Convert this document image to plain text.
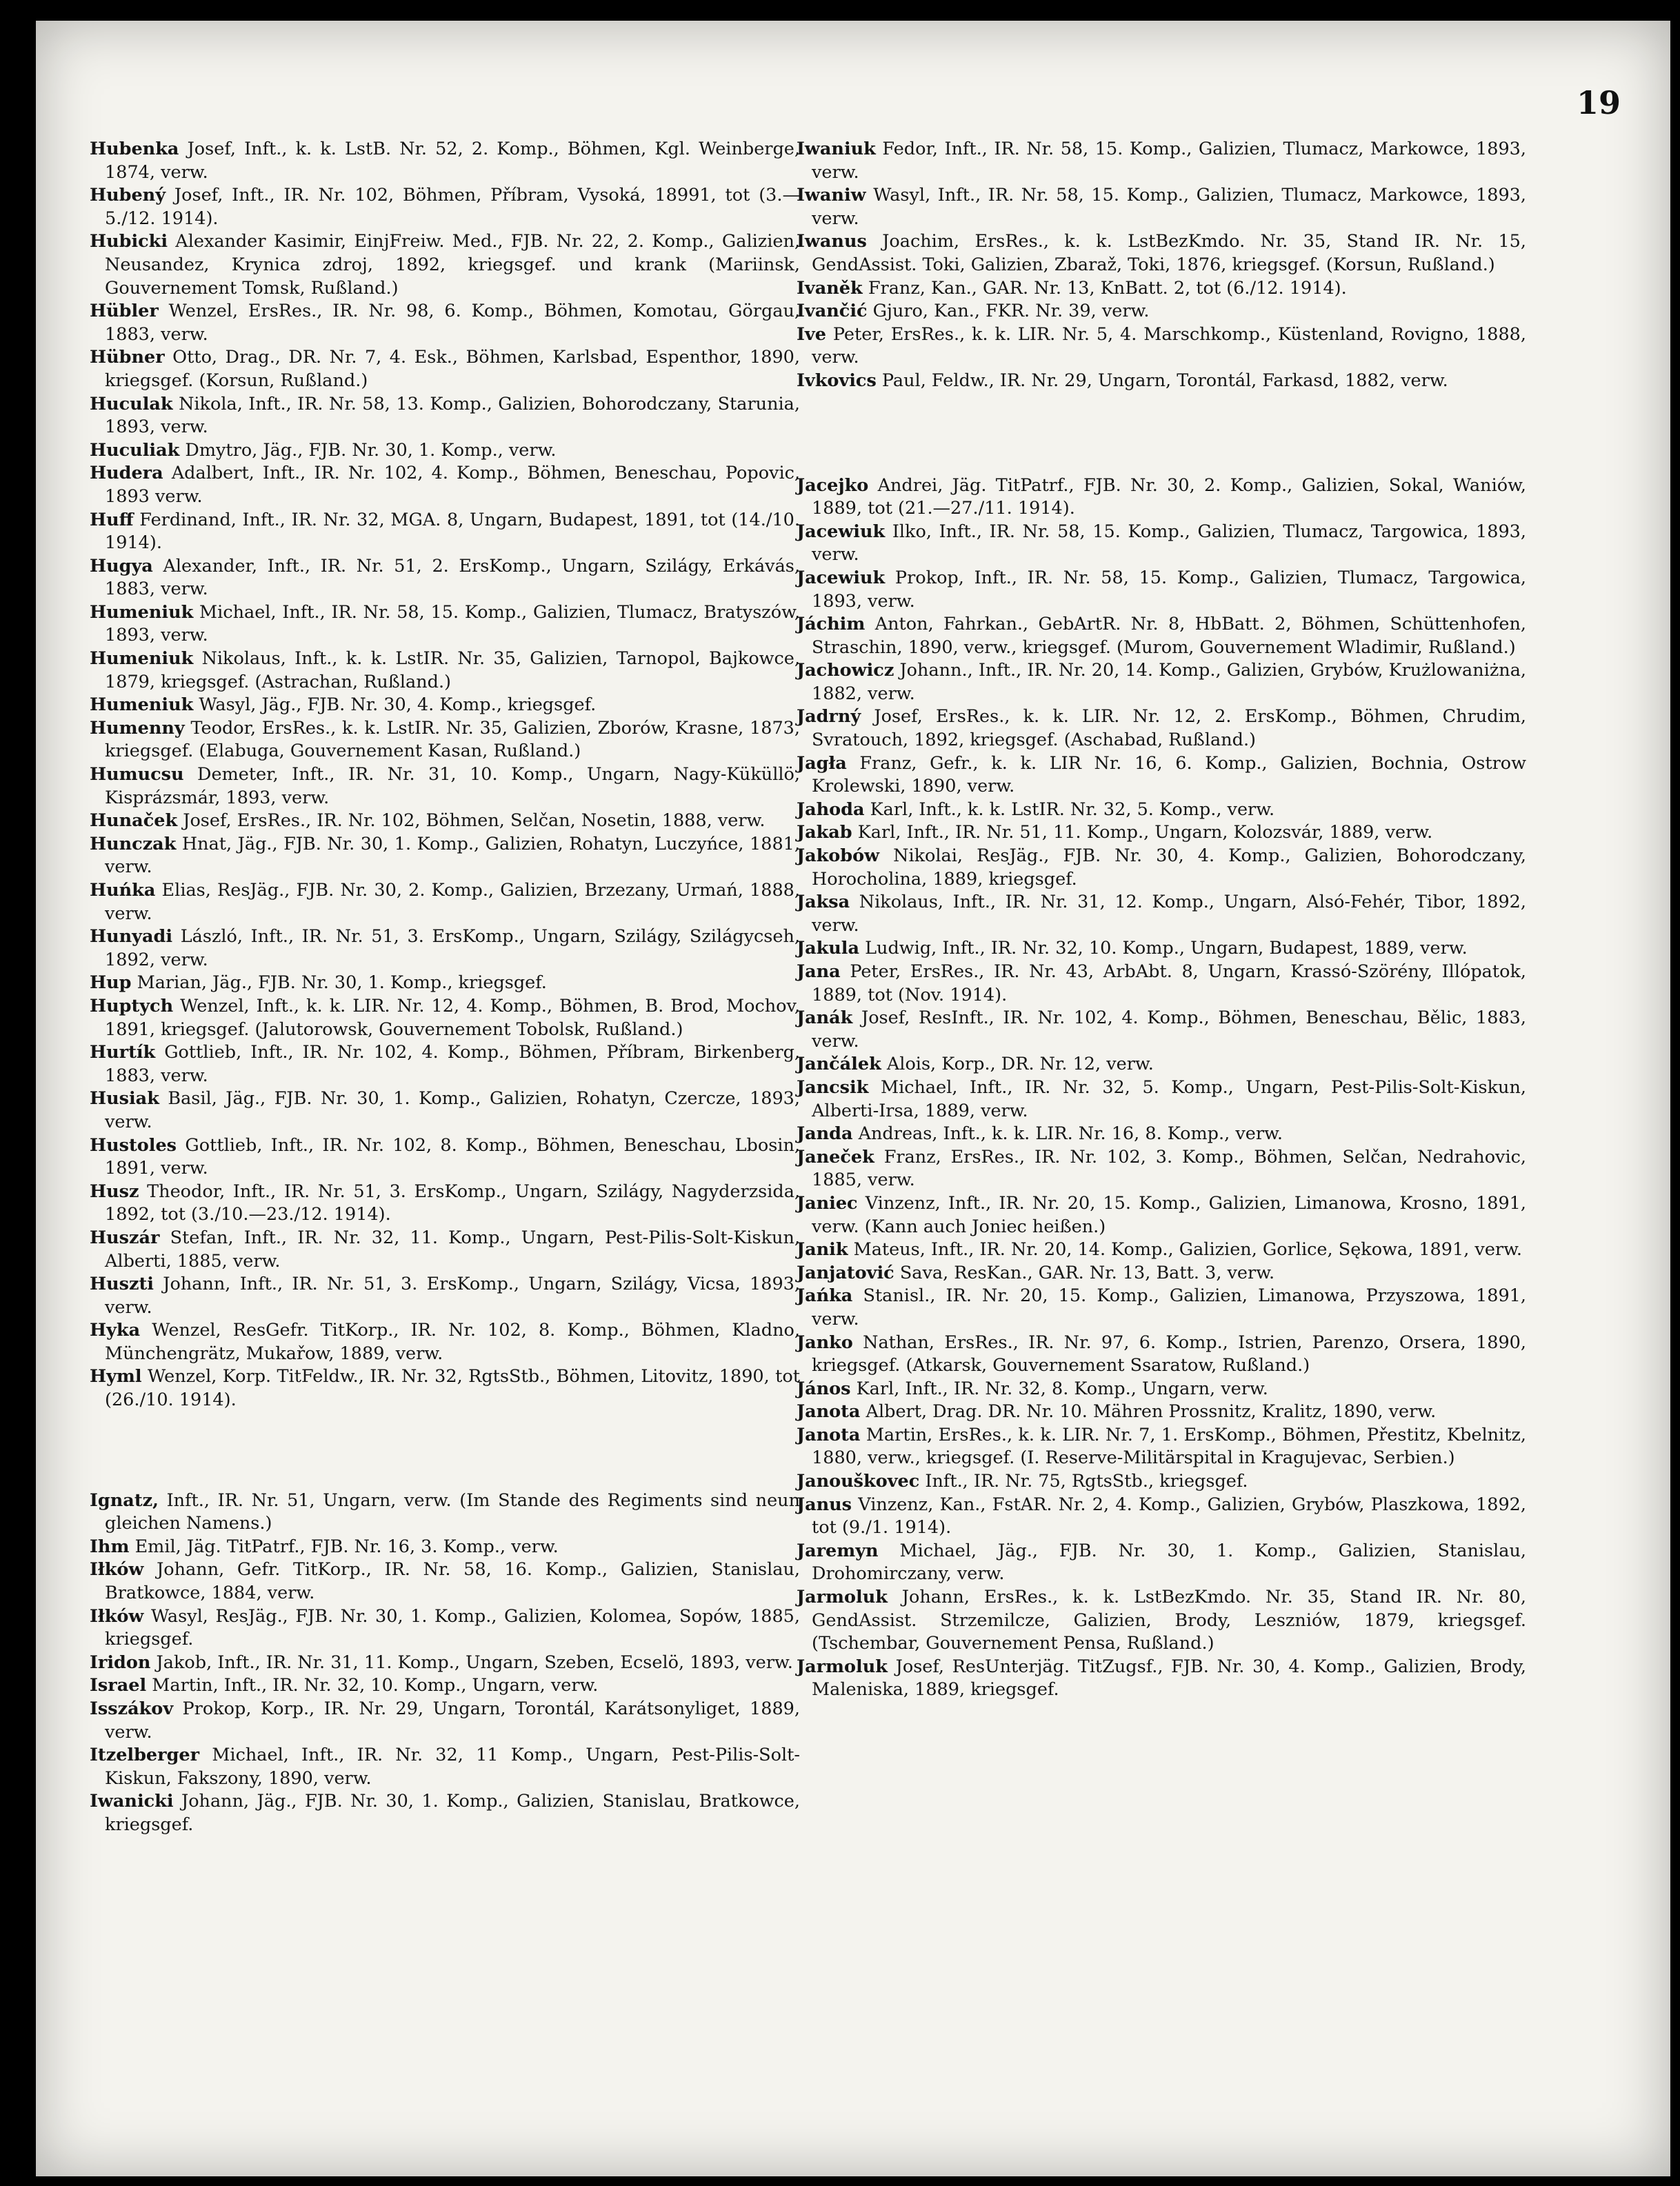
19

Hubenka Josef, Inft., k. k. LstB. Nr. 52, 2. Komp., Böhmen, Kgl. Weinberge, 1874, verw.

Hubený Josef, Inft., IR. Nr. 102, Böhmen, Příbram, Vysoká, 18991, tot (3.—5./12. 1914).

Hubicki Alexander Kasimir, EinjFreiw. Med., FJB. Nr. 22, 2. Komp., Galizien, Neusandez, Krynica zdroj, 1892, kriegsgef. und krank (Mariinsk, Gouvernement Tomsk, Rußland.)

Hübler Wenzel, ErsRes., IR. Nr. 98, 6. Komp., Böhmen, Komotau, Görgau, 1883, verw.

Hübner Otto, Drag., DR. Nr. 7, 4. Esk., Böhmen, Karlsbad, Espenthor, 1890, kriegsgef. (Korsun, Rußland.)

Huculak Nikola, Inft., IR. Nr. 58, 13. Komp., Galizien, Bohorodczany, Starunia, 1893, verw.

Huculiak Dmytro, Jäg., FJB. Nr. 30, 1. Komp., verw.

Hudera Adalbert, Inft., IR. Nr. 102, 4. Komp., Böhmen, Beneschau, Popovic, 1893 verw.

Huff Ferdinand, Inft., IR. Nr. 32, MGA. 8, Ungarn, Budapest, 1891, tot (14./10. 1914).

Hugya Alexander, Inft., IR. Nr. 51, 2. ErsKomp., Ungarn, Szilágy, Erkávás, 1883, verw.

Humeniuk Michael, Inft., IR. Nr. 58, 15. Komp., Galizien, Tlumacz, Bratyszów, 1893, verw.

Humeniuk Nikolaus, Inft., k. k. LstIR. Nr. 35, Galizien, Tarnopol, Bajkowce, 1879, kriegsgef. (Astrachan, Rußland.)

Humeniuk Wasyl, Jäg., FJB. Nr. 30, 4. Komp., kriegsgef.

Humenny Teodor, ErsRes., k. k. LstIR. Nr. 35, Galizien, Zborów, Krasne, 1873, kriegsgef. (Elabuga, Gouvernement Kasan, Rußland.)

Humucsu Demeter, Inft., IR. Nr. 31, 10. Komp., Ungarn, Nagy-Küküllö, Kisprázsmár, 1893, verw.

Hunaček Josef, ErsRes., IR. Nr. 102, Böhmen, Selčan, Nosetin, 1888, verw.

Hunczak Hnat, Jäg., FJB. Nr. 30, 1. Komp., Galizien, Rohatyn, Luczyńce, 1881, verw.

Huńka Elias, ResJäg., FJB. Nr. 30, 2. Komp., Galizien, Brzezany, Urmań, 1888, verw.

Hunyadi László, Inft., IR. Nr. 51, 3. ErsKomp., Ungarn, Szilágy, Szilágycseh, 1892, verw.

Hup Marian, Jäg., FJB. Nr. 30, 1. Komp., kriegsgef.

Huptych Wenzel, Inft., k. k. LIR. Nr. 12, 4. Komp., Böhmen, B. Brod, Mochov, 1891, kriegsgef. (Jalutorowsk, Gouvernement Tobolsk, Rußland.)

Hurtík Gottlieb, Inft., IR. Nr. 102, 4. Komp., Böhmen, Příbram, Birkenberg, 1883, verw.

Husiak Basil, Jäg., FJB. Nr. 30, 1. Komp., Galizien, Rohatyn, Czercze, 1893, verw.

Hustoles Gottlieb, Inft., IR. Nr. 102, 8. Komp., Böhmen, Beneschau, Lbosin, 1891, verw.

Husz Theodor, Inft., IR. Nr. 51, 3. ErsKomp., Ungarn, Szilágy, Nagyderzsida, 1892, tot (3./10.—23./12. 1914).

Huszár Stefan, Inft., IR. Nr. 32, 11. Komp., Ungarn, Pest-Pilis-Solt-Kiskun, Alberti, 1885, verw.

Huszti Johann, Inft., IR. Nr. 51, 3. ErsKomp., Ungarn, Szilágy, Vicsa, 1893, verw.

Hyka Wenzel, ResGefr. TitKorp., IR. Nr. 102, 8. Komp., Böhmen, Kladno, Münchengrätz, Mukařow, 1889, verw.

Hyml Wenzel, Korp. TitFeldw., IR. Nr. 32, RgtsStb., Böhmen, Litovitz, 1890, tot (26./10. 1914).

Ignatz, Inft., IR. Nr. 51, Ungarn, verw. (Im Stande des Regiments sind neun gleichen Namens.)

Ihm Emil, Jäg. TitPatrf., FJB. Nr. 16, 3. Komp., verw.

Iłków Johann, Gefr. TitKorp., IR. Nr. 58, 16. Komp., Galizien, Stanislau, Bratkowce, 1884, verw.

Iłków Wasyl, ResJäg., FJB. Nr. 30, 1. Komp., Galizien, Kolomea, Sopów, 1885, kriegsgef.

Iridon Jakob, Inft., IR. Nr. 31, 11. Komp., Ungarn, Szeben, Ecselö, 1893, verw.

Israel Martin, Inft., IR. Nr. 32, 10. Komp., Ungarn, verw.

Isszákov Prokop, Korp., IR. Nr. 29, Ungarn, Torontál, Karátsonyliget, 1889, verw.

Itzelberger Michael, Inft., IR. Nr. 32, 11 Komp., Ungarn, Pest-Pilis-Solt-Kiskun, Fakszony, 1890, verw.

Iwanicki Johann, Jäg., FJB. Nr. 30, 1. Komp., Galizien, Stanislau, Bratkowce, kriegsgef.

Iwaniuk Fedor, Inft., IR. Nr. 58, 15. Komp., Galizien, Tlumacz, Markowce, 1893, verw.

Iwaniw Wasyl, Inft., IR. Nr. 58, 15. Komp., Galizien, Tlumacz, Markowce, 1893, verw.

Iwanus Joachim, ErsRes., k. k. LstBezKmdo. Nr. 35, Stand IR. Nr. 15, GendAssist. Toki, Galizien, Zbaraž, Toki, 1876, kriegsgef. (Korsun, Rußland.)

Ivaněk Franz, Kan., GAR. Nr. 13, KnBatt. 2, tot (6./12. 1914).

Ivančić Gjuro, Kan., FKR. Nr. 39, verw.

Ive Peter, ErsRes., k. k. LIR. Nr. 5, 4. Marschkomp., Küstenland, Rovigno, 1888, verw.

Ivkovics Paul, Feldw., IR. Nr. 29, Ungarn, Torontál, Farkasd, 1882, verw.

Jacejko Andrei, Jäg. TitPatrf., FJB. Nr. 30, 2. Komp., Galizien, Sokal, Waniów, 1889, tot (21.—27./11. 1914).

Jacewiuk Ilko, Inft., IR. Nr. 58, 15. Komp., Galizien, Tlumacz, Targowica, 1893, verw.

Jacewiuk Prokop, Inft., IR. Nr. 58, 15. Komp., Galizien, Tlumacz, Targowica, 1893, verw.

Jáchim Anton, Fahrkan., GebArtR. Nr. 8, HbBatt. 2, Böhmen, Schüttenhofen, Straschin, 1890, verw., kriegsgef. (Murom, Gouvernement Wladimir, Rußland.)

Jachowicz Johann., Inft., IR. Nr. 20, 14. Komp., Galizien, Grybów, Krużlowaniżna, 1882, verw.

Jadrný Josef, ErsRes., k. k. LIR. Nr. 12, 2. ErsKomp., Böhmen, Chrudim, Svratouch, 1892, kriegsgef. (Aschabad, Rußland.)

Jagła Franz, Gefr., k. k. LIR Nr. 16, 6. Komp., Galizien, Bochnia, Ostrow Krolewski, 1890, verw.

Jahoda Karl, Inft., k. k. LstIR. Nr. 32, 5. Komp., verw.

Jakab Karl, Inft., IR. Nr. 51, 11. Komp., Ungarn, Kolozsvár, 1889, verw.

Jakobów Nikolai, ResJäg., FJB. Nr. 30, 4. Komp., Galizien, Bohorodczany, Horocholina, 1889, kriegsgef.

Jaksa Nikolaus, Inft., IR. Nr. 31, 12. Komp., Ungarn, Alsó-Fehér, Tibor, 1892, verw.

Jakula Ludwig, Inft., IR. Nr. 32, 10. Komp., Ungarn, Budapest, 1889, verw.

Jana Peter, ErsRes., IR. Nr. 43, ArbAbt. 8, Ungarn, Krassó-Szörény, Illópatok, 1889, tot (Nov. 1914).

Janák Josef, ResInft., IR. Nr. 102, 4. Komp., Böhmen, Beneschau, Bělic, 1883, verw.

Jančálek Alois, Korp., DR. Nr. 12, verw.

Jancsik Michael, Inft., IR. Nr. 32, 5. Komp., Ungarn, Pest-Pilis-Solt-Kiskun, Alberti-Irsa, 1889, verw.

Janda Andreas, Inft., k. k. LIR. Nr. 16, 8. Komp., verw.

Janeček Franz, ErsRes., IR. Nr. 102, 3. Komp., Böhmen, Selčan, Nedrahovic, 1885, verw.

Janiec Vinzenz, Inft., IR. Nr. 20, 15. Komp., Galizien, Limanowa, Krosno, 1891, verw. (Kann auch Joniec heißen.)

Janik Mateus, Inft., IR. Nr. 20, 14. Komp., Galizien, Gorlice, Sękowa, 1891, verw.

Janjatović Sava, ResKan., GAR. Nr. 13, Batt. 3, verw.

Jańka Stanisl., IR. Nr. 20, 15. Komp., Galizien, Limanowa, Przyszowa, 1891, verw.

Janko Nathan, ErsRes., IR. Nr. 97, 6. Komp., Istrien, Parenzo, Orsera, 1890, kriegsgef. (Atkarsk, Gouvernement Ssaratow, Rußland.)

János Karl, Inft., IR. Nr. 32, 8. Komp., Ungarn, verw.

Janota Albert, Drag. DR. Nr. 10. Mähren Prossnitz, Kralitz, 1890, verw.

Janota Martin, ErsRes., k. k. LIR. Nr. 7, 1. ErsKomp., Böhmen, Přestitz, Kbelnitz, 1880, verw., kriegsgef. (I. Reserve-Militärspital in Kragujevac, Serbien.)

Janouškovec Inft., IR. Nr. 75, RgtsStb., kriegsgef.

Janus Vinzenz, Kan., FstAR. Nr. 2, 4. Komp., Galizien, Grybów, Plaszkowa, 1892, tot (9./1. 1914).

Jaremyn Michael, Jäg., FJB. Nr. 30, 1. Komp., Galizien, Stanislau, Drohomirczany, verw.

Jarmoluk Johann, ErsRes., k. k. LstBezKmdo. Nr. 35, Stand IR. Nr. 80, GendAssist. Strzemilcze, Galizien, Brody, Leszniów, 1879, kriegsgef. (Tschembar, Gouvernement Pensa, Rußland.)

Jarmoluk Josef, ResUnterjäg. TitZugsf., FJB. Nr. 30, 4. Komp., Galizien, Brody, Maleniska, 1889, kriegsgef.
